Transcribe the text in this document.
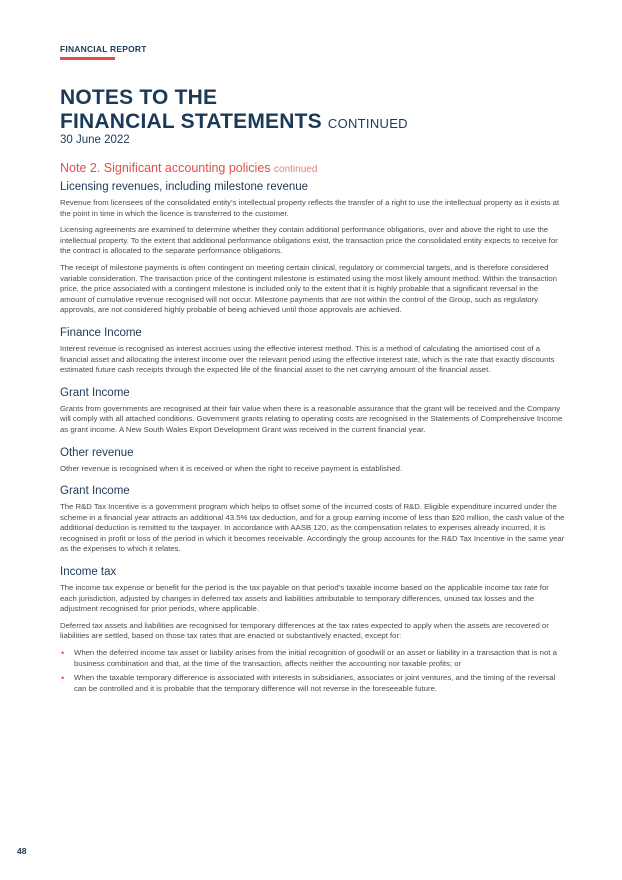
FINANCIAL REPORT
NOTES TO THE
FINANCIAL STATEMENTS CONTINUED
30 June 2022
Note 2. Significant accounting policies continued
Licensing revenues, including milestone revenue

Revenue from licensees of the consolidated entity’s intellectual property reflects the transfer of a right to use the intellectual property as it exists at the point in time in which the licence is transferred to the customer.

Licensing agreements are examined to determine whether they contain additional performance obligations, over and above the right to use the intellectual property. To the extent that additional performance obligations exist, the transaction price the consolidated entity expects to receive for the contract is allocated to the separate performance obligations.

The receipt of milestone payments is often contingent on meeting certain clinical, regulatory or commercial targets, and is therefore considered variable consideration. The transaction price of the contingent milestone is estimated using the most likely amount method. Within the transaction price, the price associated with a contingent milestone is included only to the extent that it is highly probable that a significant reversal in the amount of cumulative revenue recognised will not occur. Milestone payments that are not within the control of the Group, such as regulatory approvals, are not considered highly probable of being achieved until those approvals are achieved.

Finance Income

Interest revenue is recognised as interest accrues using the effective interest method. This is a method of calculating the amortised cost of a financial asset and allocating the interest income over the relevant period using the effective interest rate, which is the rate that exactly discounts estimated future cash receipts through the expected life of the financial asset to the net carrying amount of the financial asset.

Grant Income

Grants from governments are recognised at their fair value when there is a reasonable assurance that the grant will be received and the Company will comply with all attached conditions. Government grants relating to operating costs are recognised in the Statements of Comprehensive Income as grant income. A New South Wales Export Development Grant was received in the current financial year.

Other revenue

Other revenue is recognised when it is received or when the right to receive payment is established.

Grant Income

The R&D Tax Incentive is a government program which helps to offset some of the incurred costs of R&D. Eligible expenditure incurred under the scheme in a financial year attracts an additional 43.5% tax deduction, and for a group earning income of less than $20 million, the cash value of the additional deduction is remitted to the taxpayer. In accordance with AASB 120, as the compensation relates to expenses already incurred, it is recognised in profit or loss of the period in which it becomes receivable. Accordingly the group accounts for the R&D Tax Incentive in the same year as the expenses to which it relates.

Income tax

The income tax expense or benefit for the period is the tax payable on that period’s taxable income based on the applicable income tax rate for each jurisdiction, adjusted by changes in deferred tax assets and liabilities attributable to temporary differences, unused tax losses and the adjustment recognised for prior periods, where applicable.

Deferred tax assets and liabilities are recognised for temporary differences at the tax rates expected to apply when the assets are recovered or liabilities are settled, based on those tax rates that are enacted or substantively enacted, except for:

• When the deferred income tax asset or liability arises from the initial recognition of goodwill or an asset or liability in a transaction that is not a business combination and that, at the time of the transaction, affects neither the accounting nor taxable profits; or
• When the taxable temporary difference is associated with interests in subsidiaries, associates or joint ventures, and the timing of the reversal can be controlled and it is probable that the temporary difference will not reverse in the foreseeable future.
48
